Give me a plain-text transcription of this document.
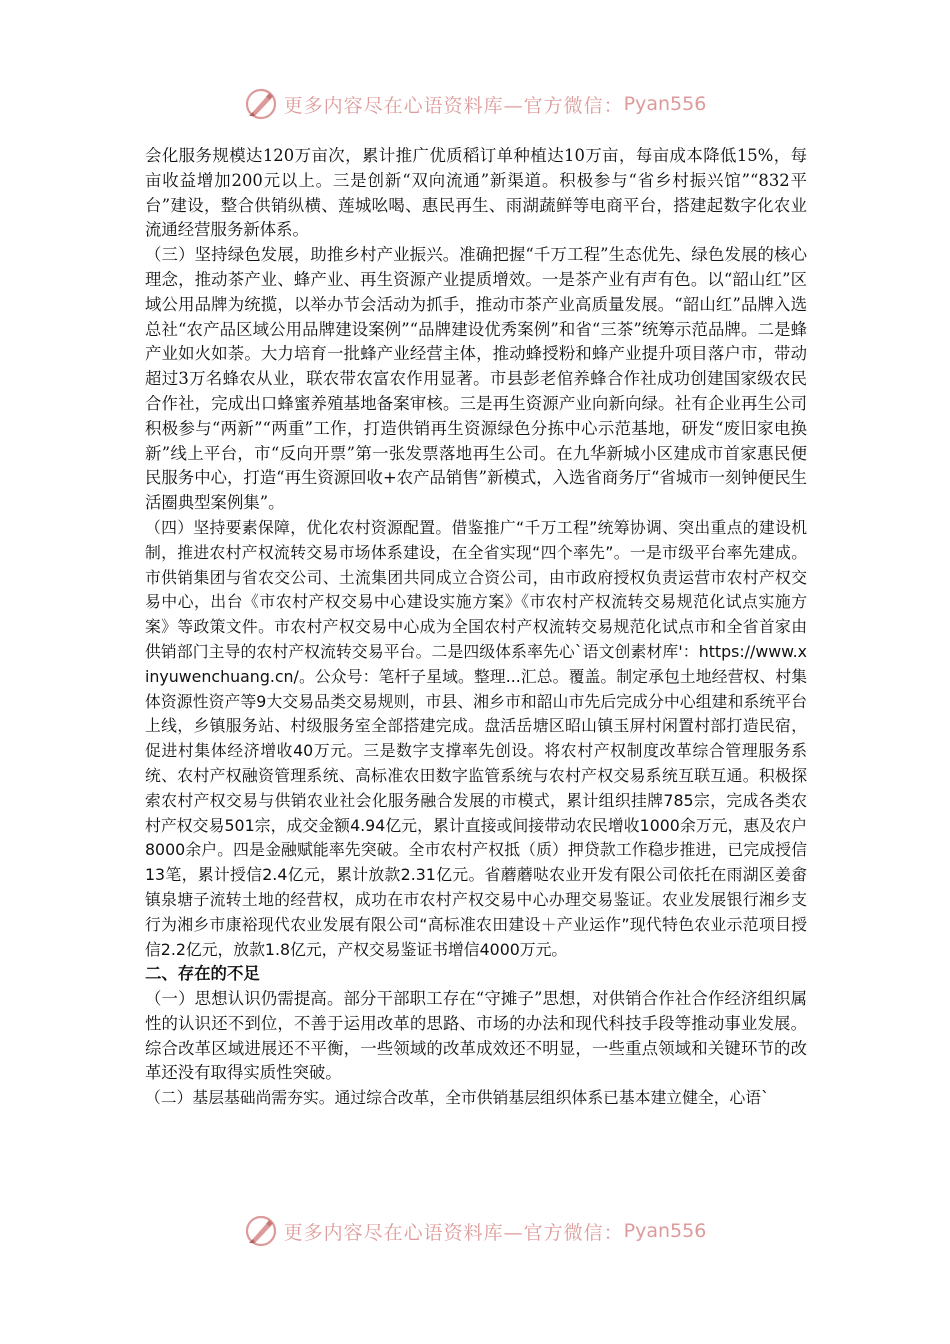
更多内容尽在心语资料库—官方微信： Pyan556

会化服务规模达120万亩次，累计推广优质稻订单种植达10万亩，每亩成本降低15%，每亩收益增加200元以上。三是创新“双向流通”新渠道。积极参与“省乡村振兴馆”“832平台”建设，整合供销纵横、莲城吆喝、惠民再生、雨湖蔬鲜等电商平台，搭建起数字化农业流通经营服务新体系。

（三）坚持绿色发展，助推乡村产业振兴。准确把握“千万工程”生态优先、绿色发展的核心理念，推动茶产业、蜂产业、再生资源产业提质增效。一是茶产业有声有色。以“韶山红”区域公用品牌为统揽，以举办节会活动为抓手，推动市茶产业高质量发展。“韶山红”品牌入选总社“农产品区域公用品牌建设案例”“品牌建设优秀案例”和省“三茶”统筹示范品牌。二是蜂产业如火如荼。大力培育一批蜂产业经营主体，推动蜂授粉和蜂产业提升项目落户市，带动超过3万名蜂农从业，联农带农富农作用显著。市县彭老倌养蜂合作社成功创建国家级农民合作社，完成出口蜂蜜养殖基地备案审核。三是再生资源产业向新向绿。社有企业再生公司积极参与“两新”“两重”工作，打造供销再生资源绿色分拣中心示范基地，研发“废旧家电换新”线上平台，市“反向开票”第一张发票落地再生公司。在九华新城小区建成市首家惠民便民服务中心，打造“再生资源回收+农产品销售”新模式，入选省商务厅“省城市一刻钟便民生活圈典型案例集”。

（四）坚持要素保障，优化农村资源配置。借鉴推广“千万工程”统筹协调、突出重点的建设机制，推进农村产权流转交易市场体系建设，在全省实现“四个率先”。一是市级平台率先建成。市供销集团与省农交公司、土流集团共同成立合资公司，由市政府授权负责运营市农村产权交易中心，出台《市农村产权交易中心建设实施方案》《市农村产权流转交易规范化试点实施方案》等政策文件。市农村产权交易中心成为全国农村产权流转交易规范化试点市和全省首家由供销部门主导的农村产权流转交易平台。二是四级体系率先心`语文创素材库'：https://www.xinyuwenchuang.cn/。公众号：笔杆子星域。整理...汇总。覆盖。制定承包土地经营权、村集体资源性资产等9大交易品类交易规则，市县、湘乡市和韶山市先后完成分中心组建和系统平台上线，乡镇服务站、村级服务室全部搭建完成。盘活岳塘区昭山镇玉屏村闲置村部打造民宿，促进村集体经济增收40万元。三是数字支撑率先创设。将农村产权制度改革综合管理服务系统、农村产权融资管理系统、高标准农田数字监管系统与农村产权交易系统互联互通。积极探索农村产权交易与供销农业社会化服务融合发展的市模式，累计组织挂牌785宗，完成各类农村产权交易501宗，成交金额4.94亿元，累计直接或间接带动农民增收1000余万元，惠及农户8000余户。四是金融赋能率先突破。全市农村产权抵（质）押贷款工作稳步推进，已完成授信13笔，累计授信2.4亿元，累计放款2.31亿元。省蘑蘑哒农业开发有限公司依托在雨湖区姜畲镇泉塘子流转土地的经营权，成功在市农村产权交易中心办理交易鉴证。农业发展银行湘乡支行为湘乡市康裕现代农业发展有限公司“高标准农田建设＋产业运作”现代特色农业示范项目授信2.2亿元，放款1.8亿元，产权交易鉴证书增信4000万元。

二、存在的不足

（一）思想认识仍需提高。部分干部职工存在“守摊子”思想，对供销合作社合作经济组织属性的认识还不到位，不善于运用改革的思路、市场的办法和现代科技手段等推动事业发展。综合改革区域进展还不平衡，一些领域的改革成效还不明显，一些重点领域和关键环节的改革还没有取得实质性突破。

（二）基层基础尚需夯实。通过综合改革，全市供销基层组织体系已基本建立健全，心语`

更多内容尽在心语资料库—官方微信： Pyan556
